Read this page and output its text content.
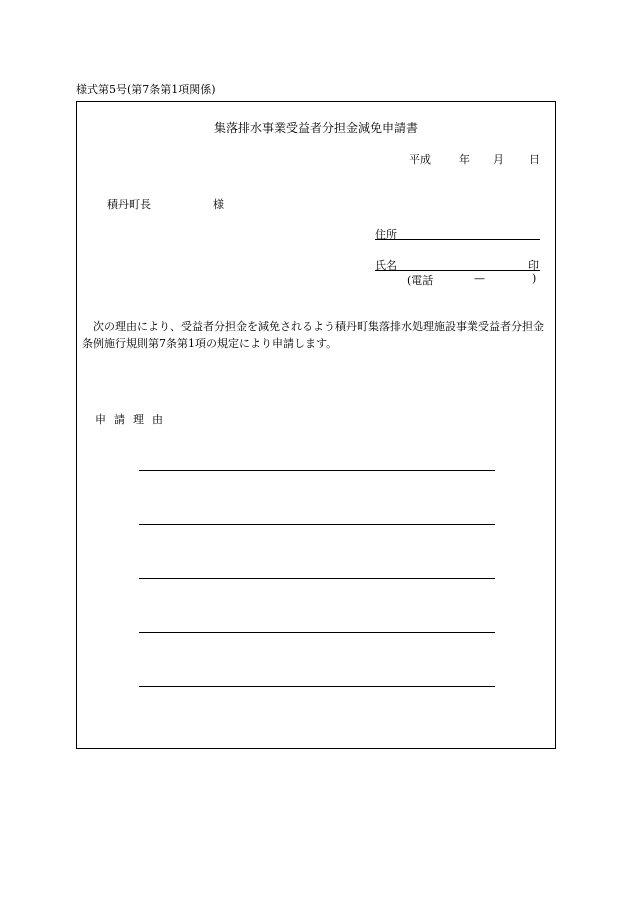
様式第5号(第7条第1項関係)
集落排水事業受益者分担金減免申請書
平成	年 月 日
積丹町長	様
住所
氏名	印
(電話	—	)
次の理由により、受益者分担金を減免されるよう積丹町集落排水処理施設事業受益者分担金条例施行規則第7条第1項の規定により申請します。
申 請 理 由
